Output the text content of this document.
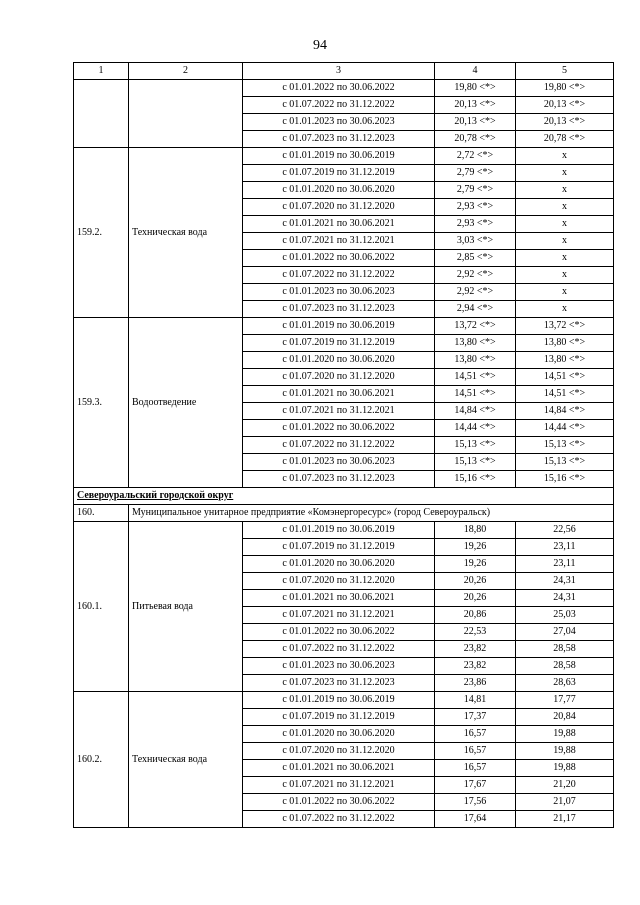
94
1	2	3	4	5
		с 01.01.2022 по 30.06.2022	19,80 <*>	19,80 <*>
		с 01.07.2022 по 31.12.2022	20,13 <*>	20,13 <*>
		с 01.01.2023 по 30.06.2023	20,13 <*>	20,13 <*>
		с 01.07.2023 по 31.12.2023	20,78 <*>	20,78 <*>
159.2.	Техническая вода	с 01.01.2019 по 30.06.2019	2,72 <*>	x
		с 01.07.2019 по 31.12.2019	2,79 <*>	x
		с 01.01.2020 по 30.06.2020	2,79 <*>	x
		с 01.07.2020 по 31.12.2020	2,93 <*>	x
		с 01.01.2021 по 30.06.2021	2,93 <*>	x
		с 01.07.2021 по 31.12.2021	3,03 <*>	x
		с 01.01.2022 по 30.06.2022	2,85 <*>	x
		с 01.07.2022 по 31.12.2022	2,92 <*>	x
		с 01.01.2023 по 30.06.2023	2,92 <*>	x
		с 01.07.2023 по 31.12.2023	2,94 <*>	x
159.3.	Водоотведение	с 01.01.2019 по 30.06.2019	13,72 <*>	13,72 <*>
		с 01.07.2019 по 31.12.2019	13,80 <*>	13,80 <*>
		с 01.01.2020 по 30.06.2020	13,80 <*>	13,80 <*>
		с 01.07.2020 по 31.12.2020	14,51 <*>	14,51 <*>
		с 01.01.2021 по 30.06.2021	14,51 <*>	14,51 <*>
		с 01.07.2021 по 31.12.2021	14,84 <*>	14,84 <*>
		с 01.01.2022 по 30.06.2022	14,44 <*>	14,44 <*>
		с 01.07.2022 по 31.12.2022	15,13 <*>	15,13 <*>
		с 01.01.2023 по 30.06.2023	15,13 <*>	15,13 <*>
		с 01.07.2023 по 31.12.2023	15,16 <*>	15,16 <*>
Североуральский городской округ				
160.	Муниципальное унитарное предприятие «Комэнергоресурс» (город Североуральск)			
160.1.	Питьевая вода	с 01.01.2019 по 30.06.2019	18,80	22,56
		с 01.07.2019 по 31.12.2019	19,26	23,11
		с 01.01.2020 по 30.06.2020	19,26	23,11
		с 01.07.2020 по 31.12.2020	20,26	24,31
		с 01.01.2021 по 30.06.2021	20,26	24,31
		с 01.07.2021 по 31.12.2021	20,86	25,03
		с 01.01.2022 по 30.06.2022	22,53	27,04
		с 01.07.2022 по 31.12.2022	23,82	28,58
		с 01.01.2023 по 30.06.2023	23,82	28,58
		с 01.07.2023 по 31.12.2023	23,86	28,63
160.2.	Техническая вода	с 01.01.2019 по 30.06.2019	14,81	17,77
		с 01.07.2019 по 31.12.2019	17,37	20,84
		с 01.01.2020 по 30.06.2020	16,57	19,88
		с 01.07.2020 по 31.12.2020	16,57	19,88
		с 01.01.2021 по 30.06.2021	16,57	19,88
		с 01.07.2021 по 31.12.2021	17,67	21,20
		с 01.01.2022 по 30.06.2022	17,56	21,07
		с 01.07.2022 по 31.12.2022	17,64	21,17
